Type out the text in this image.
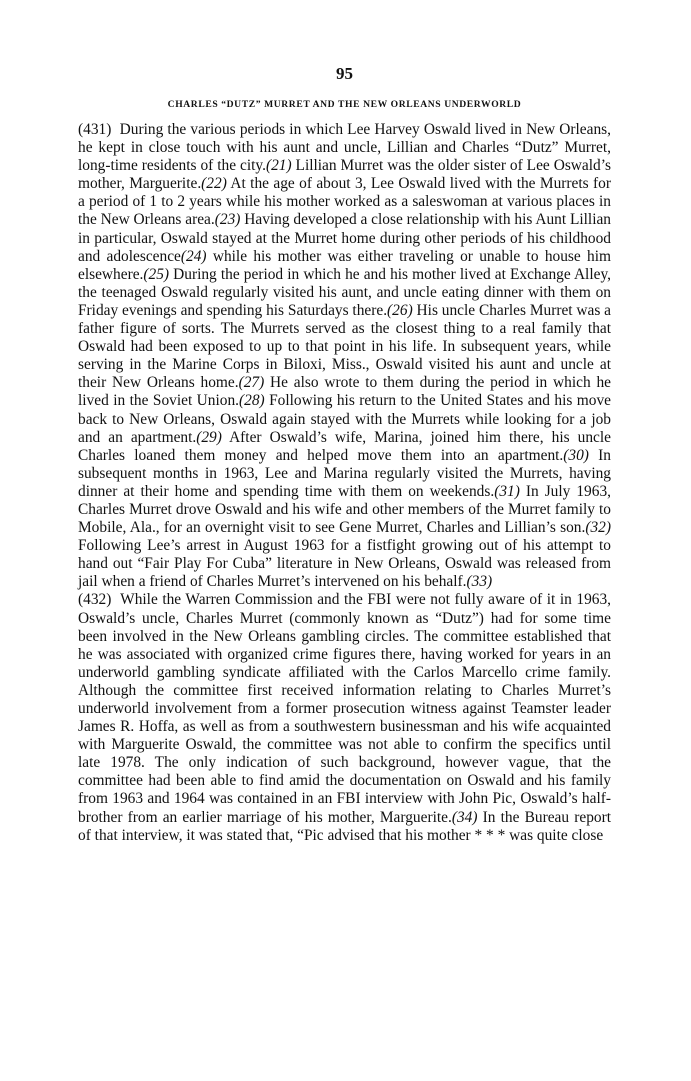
95
CHARLES “DUTZ” MURRET AND THE NEW ORLEANS UNDERWORLD

(431) During the various periods in which Lee Harvey Oswald lived in New Orleans, he kept in close touch with his aunt and uncle, Lillian and Charles “Dutz” Murret, long-time residents of the city.(21) Lillian Murret was the older sister of Lee Oswald’s mother, Marguerite.(22) At the age of about 3, Lee Oswald lived with the Murrets for a period of 1 to 2 years while his mother worked as a saleswoman at various places in the New Orleans area.(23) Having developed a close relationship with his Aunt Lillian in particular, Oswald stayed at the Murret home during other periods of his childhood and adolescence(24) while his mother was either traveling or unable to house him elsewhere.(25) During the period in which he and his mother lived at Exchange Alley, the teenaged Oswald regularly visited his aunt, and uncle eating dinner with them on Friday evenings and spending his Saturdays there.(26) His uncle Charles Murret was a father figure of sorts. The Murrets served as the closest thing to a real family that Oswald had been exposed to up to that point in his life. In subsequent years, while serving in the Marine Corps in Biloxi, Miss., Oswald visited his aunt and uncle at their New Orleans home.(27) He also wrote to them during the period in which he lived in the Soviet Union.(28) Following his return to the United States and his move back to New Orleans, Oswald again stayed with the Murrets while looking for a job and an apartment.(29) After Oswald’s wife, Marina, joined him there, his uncle Charles loaned them money and helped move them into an apartment.(30) In subsequent months in 1963, Lee and Marina regularly visited the Murrets, having dinner at their home and spending time with them on weekends.(31) In July 1963, Charles Murret drove Oswald and his wife and other members of the Murret family to Mobile, Ala., for an overnight visit to see Gene Murret, Charles and Lillian’s son.(32) Following Lee’s arrest in August 1963 for a fistfight growing out of his attempt to hand out “Fair Play For Cuba” literature in New Orleans, Oswald was released from jail when a friend of Charles Murret’s intervened on his behalf.(33)

(432) While the Warren Commission and the FBI were not fully aware of it in 1963, Oswald’s uncle, Charles Murret (commonly known as “Dutz”) had for some time been involved in the New Orleans gambling circles. The committee established that he was associated with organized crime figures there, having worked for years in an underworld gambling syndicate affiliated with the Carlos Marcello crime family. Although the committee first received information relating to Charles Murret’s underworld involvement from a former prosecution witness against Teamster leader James R. Hoffa, as well as from a southwestern businessman and his wife acquainted with Marguerite Oswald, the committee was not able to confirm the specifics until late 1978. The only indication of such background, however vague, that the committee had been able to find amid the documentation on Oswald and his family from 1963 and 1964 was contained in an FBI interview with John Pic, Oswald’s half-brother from an earlier marriage of his mother, Marguerite.(34) In the Bureau report of that interview, it was stated that, “Pic advised that his mother * * * was quite close
